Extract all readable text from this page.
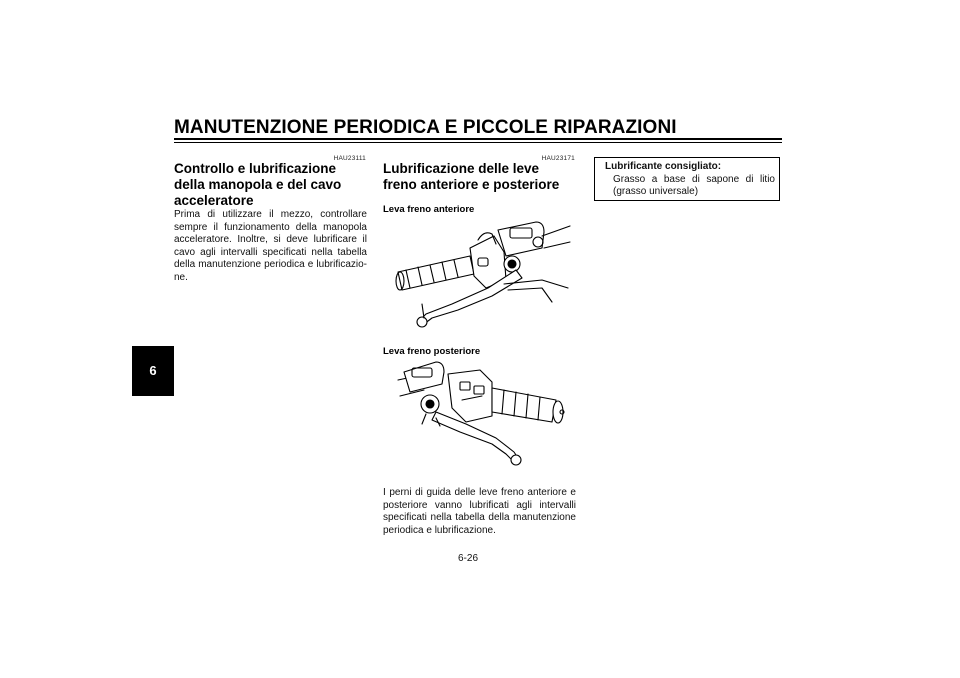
MANUTENZIONE PERIODICA E PICCOLE RIPARAZIONI
6
HAU23111
Controllo e lubrificazione della manopola e del cavo acceleratore

Prima di utilizzare il mezzo, controllare sempre il funzionamento della manopola acceleratore. Inoltre, si deve lubrificare il cavo agli intervalli specificati nella tabella della manutenzione periodica e lubrificazio-ne.

HAU23171
Lubrificazione delle leve freno anteriore e posteriore

Leva freno anteriore

Leva freno posteriore

I perni di guida delle leve freno anteriore e posteriore vanno lubrificati agli intervalli specificati nella tabella della manutenzione periodica e lubrificazione.

Lubrificante consigliato:
Grasso a base di sapone di litio (grasso universale)
6-26
